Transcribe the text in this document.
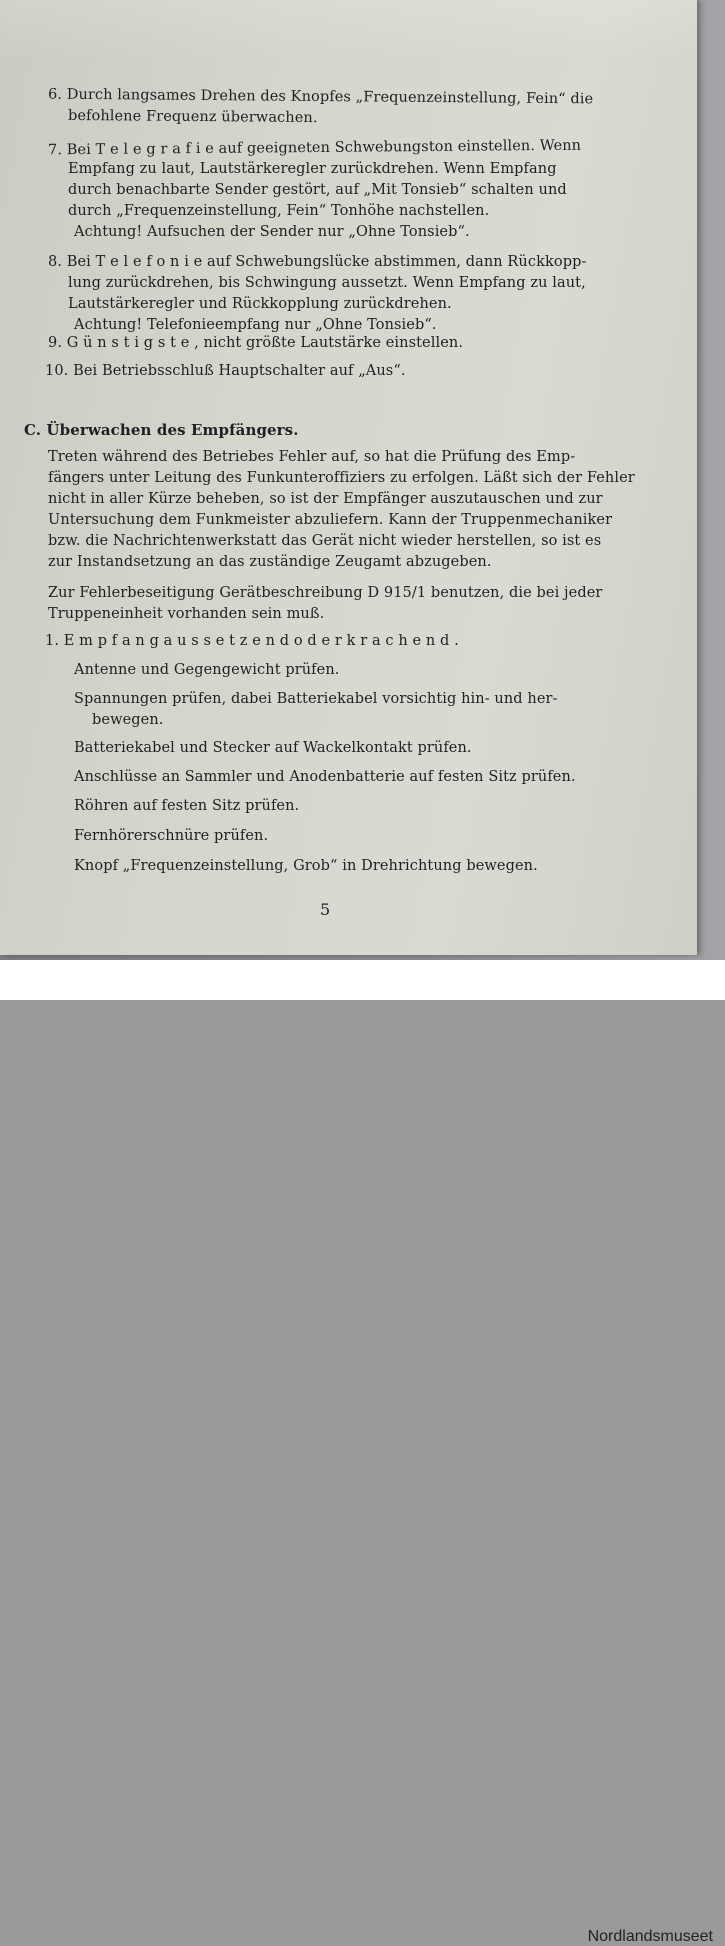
6. Durch langsames Drehen des Knopfes „Frequenzeinstellung, Fein“ die
befohlene Frequenz überwachen.
7. Bei T e l e g r a f i e auf geeigneten Schwebungston einstellen. Wenn
Empfang zu laut, Lautstärkeregler zurückdrehen. Wenn Empfang
durch benachbarte Sender gestört, auf „Mit Tonsieb“ schalten und
durch „Frequenzeinstellung, Fein“ Tonhöhe nachstellen.
Achtung! Aufsuchen der Sender nur „Ohne Tonsieb“.
8. Bei T e l e f o n i e auf Schwebungslücke abstimmen, dann Rückkopp-
lung zurückdrehen, bis Schwingung aussetzt. Wenn Empfang zu laut,
Lautstärkeregler und Rückkopplung zurückdrehen.
Achtung! Telefonieempfang nur „Ohne Tonsieb“.
9. G ü n s t i g s t e , nicht größte Lautstärke einstellen.
10. Bei Betriebsschluß Hauptschalter auf „Aus“.
C. Überwachen des Empfängers.
Treten während des Betriebes Fehler auf, so hat die Prüfung des Emp-
fängers unter Leitung des Funkunteroffiziers zu erfolgen. Läßt sich der Fehler
nicht in aller Kürze beheben, so ist der Empfänger auszutauschen und zur
Untersuchung dem Funkmeister abzuliefern. Kann der Truppenmechaniker
bzw. die Nachrichtenwerkstatt das Gerät nicht wieder herstellen, so ist es
zur Instandsetzung an das zuständige Zeugamt abzugeben.
Zur Fehlerbeseitigung Gerätbeschreibung D 915/1 benutzen, die bei jeder
Truppeneinheit vorhanden sein muß.
1. E m p f a n g a u s s e t z e n d o d e r k r a c h e n d .
Antenne und Gegengewicht prüfen.
Spannungen prüfen, dabei Batteriekabel vorsichtig hin- und her-
bewegen.
Batteriekabel und Stecker auf Wackelkontakt prüfen.
Anschlüsse an Sammler und Anodenbatterie auf festen Sitz prüfen.
Röhren auf festen Sitz prüfen.
Fernhörerschnüre prüfen.
Knopf „Frequenzeinstellung, Grob“ in Drehrichtung bewegen.
5
Nordlandsmuseet
